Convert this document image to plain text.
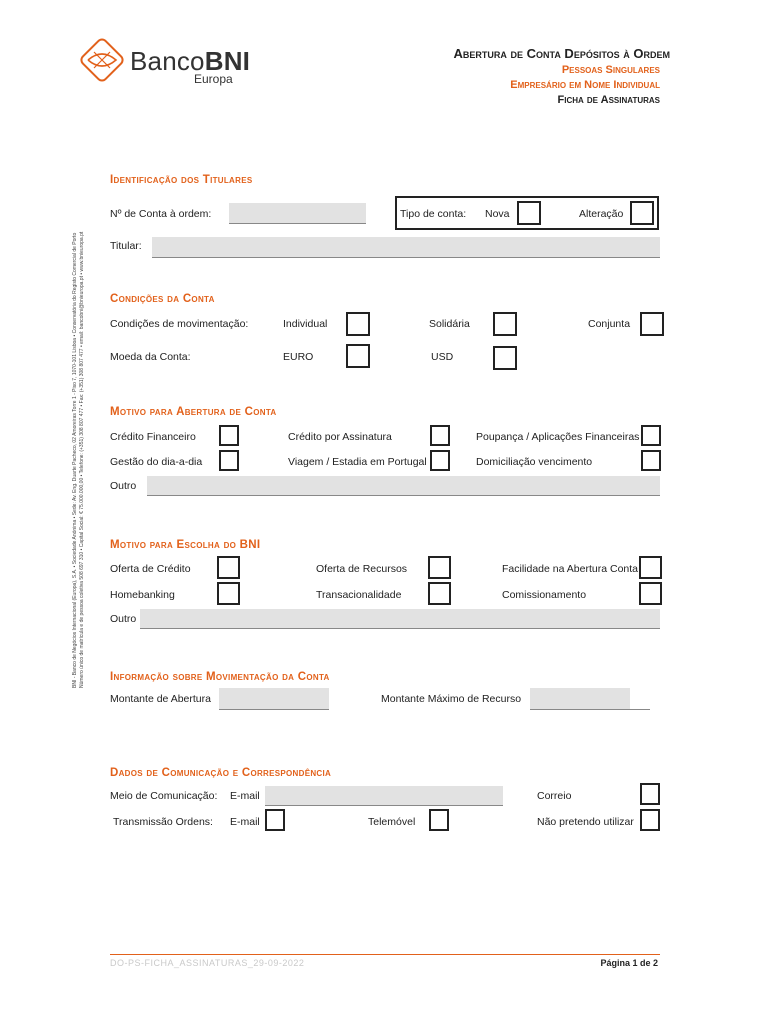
BancoBNI
Europa
Abertura de Conta Depósitos à Ordem
Pessoas Singulares
Empresário em Nome Individual
Ficha de Assinaturas
BNI - Banco de Negócios Internacional (Europa), S.A. • Sociedade Anónima • Sede: Av. Eng. Duarte Pacheco, 02 Amoreiras Torre 1 - Piso 7, 1070-101 Lisboa • Conservatória do Registo Comercial de Porto Número único de matrícula e de pessoa coletiva 508 697 310 • Capital Social: € 75.000.000,00 • Telefone: (+351) 308 807 477 • Fax: (+351) 308 807 477 • email: bancobni@bnieuropa.pt • www.bnieuropa.pt
Identificação dos Titulares
Nº de Conta à ordem:	Tipo de conta: Nova	Alteração
Titular:
Condições da Conta
Condições de movimentação:	Individual	Solidária	Conjunta
Moeda da Conta:	EURO	USD
Motivo para Abertura de Conta
Crédito Financeiro	Crédito por Assinatura	Poupança / Aplicações Financeiras
Gestão do dia-a-dia	Viagem / Estadia em Portugal	Domiciliação vencimento
Outro
Motivo para Escolha do BNI
Oferta de Crédito	Oferta de Recursos	Facilidade na Abertura Conta
Homebanking	Transacionalidade	Comissionamento
Outro
Informação sobre Movimentação da Conta
Montante de Abertura	Montante Máximo de Recurso
Dados de Comunicação e Correspondência
Meio de Comunicação: E-mail	Correio
Transmissão Ordens: E-mail	Telemóvel	Não pretendo utilizar
DO-PS-FICHA_ASSINATURAS_29-09-2022	Página 1 de 2
